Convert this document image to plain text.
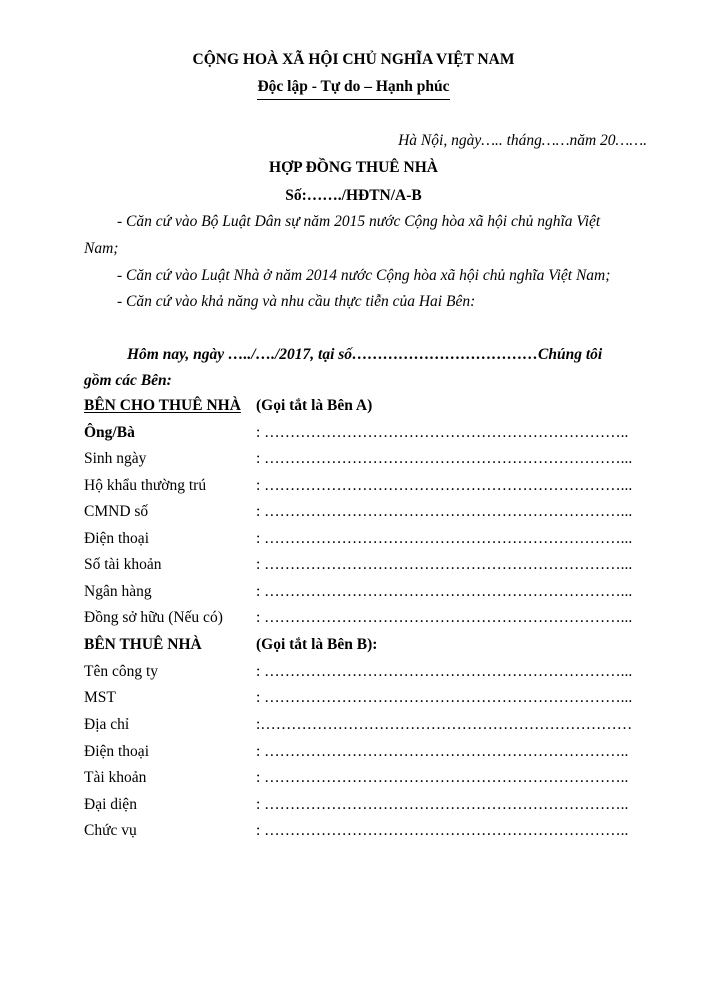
CỘNG HOÀ XÃ HỘI CHỦ NGHĨA VIỆT NAM
Độc lập - Tự do – Hạnh phúc
Hà Nội, ngày….. tháng……năm 20…….
HỢP ĐỒNG THUÊ NHÀ
Số:……./HĐTN/A-B
- Căn cứ vào Bộ Luật Dân sự năm 2015 nước Cộng hòa xã hội chủ nghĩa Việt
Nam;
- Căn cứ vào Luật Nhà ở năm 2014 nước Cộng hòa xã hội chủ nghĩa Việt Nam;
- Căn cứ vào khả năng và nhu cầu thực tiễn của Hai Bên:
Hôm nay, ngày …../…./2017, tại số………………………………Chúng tôi
gồm các Bên:
BÊN CHO THUÊ NHÀ (Gọi tắt là Bên A)
Ông/Bà	: ……………………………………………………………..
Sinh ngày	: ……………………………………………………………...
Hộ khẩu thường trú	: ……………………………………………………………...
CMND số	: ……………………………………………………………...
Điện thoại	: ……………………………………………………………...
Số tài khoản	: ……………………………………………………………...
Ngân hàng	: ……………………………………………………………...
Đồng sở hữu (Nếu có) : ……………………………………………………………...
BÊN THUÊ NHÀ	(Gọi tắt là Bên B):
Tên công ty	: ……………………………………………………………...
MST	: ……………………………………………………………...
Địa chỉ	:………………………………………………………………
Điện thoại	: ……………………………………………………………..
Tài khoản	: ……………………………………………………………..
Đại diện	: ……………………………………………………………..
Chức vụ	: ……………………………………………………………..
